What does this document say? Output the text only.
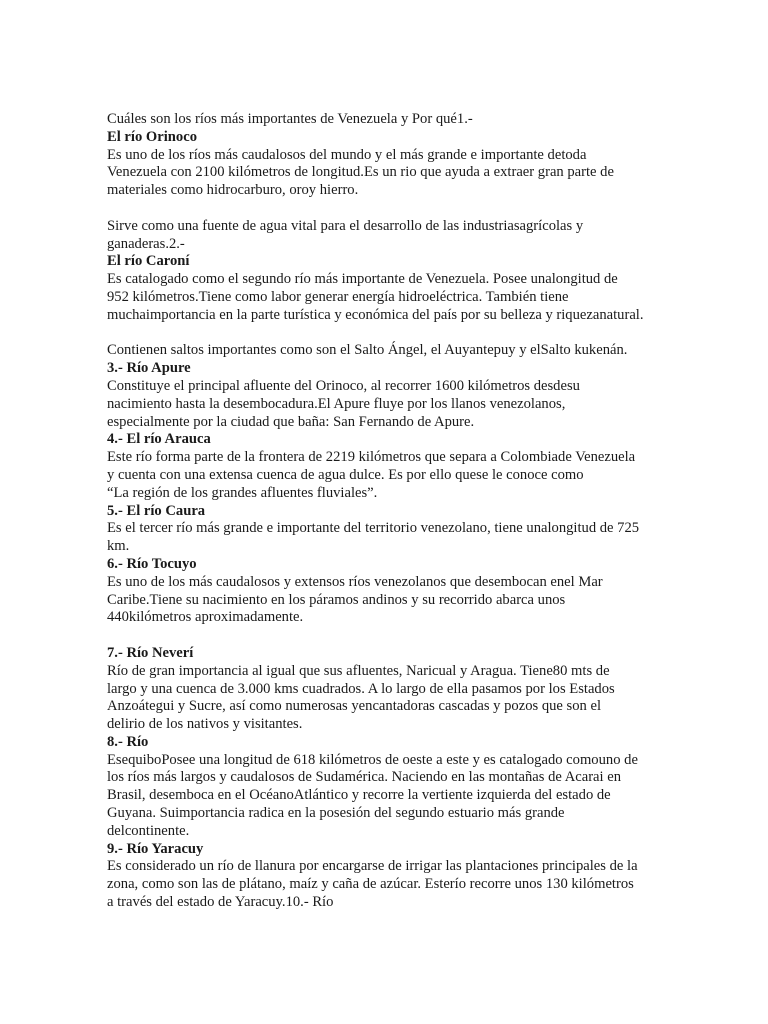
Cuáles son los ríos más importantes de Venezuela y Por qué1.-

El río Orinoco

Es uno de los ríos más caudalosos del mundo y el más grande e importante detoda

Venezuela con 2100 kilómetros de longitud.Es un rio que ayuda a extraer gran parte de

materiales como hidrocarburo, oroy hierro.

Sirve como una fuente de agua vital para el desarrollo de las industriasagrícolas y

ganaderas.2.-

El río Caroní

Es catalogado como el segundo río más importante de Venezuela. Posee unalongitud de

952 kilómetros.Tiene como labor generar energía hidroeléctrica. También tiene

muchaimportancia en la parte turística y económica del país por su belleza y riquezanatural.

Contienen saltos importantes como son el Salto Ángel, el Auyantepuy y elSalto kukenán.

3.- Río Apure

Constituye el principal afluente del Orinoco, al recorrer 1600 kilómetros desdesu

nacimiento hasta la desembocadura.El Apure fluye por los llanos venezolanos,

especialmente por la ciudad que baña: San Fernando de Apure.

4.- El río Arauca

Este río forma parte de la frontera de 2219 kilómetros que separa a Colombiade Venezuela

y cuenta con una extensa cuenca de agua dulce. Es por ello quese le conoce como

“La región de los grandes afluentes fluviales”.

5.- El río Caura

Es el tercer río más grande e importante del territorio venezolano, tiene unalongitud de 725

km.

6.- Río Tocuyo

Es uno de los más caudalosos y extensos ríos venezolanos que desembocan enel Mar

Caribe.Tiene su nacimiento en los páramos andinos y su recorrido abarca unos

440kilómetros aproximadamente.

7.- Río Neverí

Río de gran importancia al igual que sus afluentes, Naricual y Aragua. Tiene80 mts de

largo y una cuenca de 3.000 kms cuadrados. A lo largo de ella pasamos por los Estados

Anzoátegui y Sucre, así como numerosas yencantadoras cascadas y pozos que son el

delirio de los nativos y visitantes.

8.- Río

EsequiboPosee una longitud de 618 kilómetros de oeste a este y es catalogado comouno de

los ríos más largos y caudalosos de Sudamérica. Naciendo en las montañas de Acarai en

Brasil, desemboca en el OcéanoAtlántico y recorre la vertiente izquierda del estado de

Guyana. Suimportancia radica en la posesión del segundo estuario más grande

delcontinente.

9.- Río Yaracuy

Es considerado un río de llanura por encargarse de irrigar las plantaciones principales de la

zona, como son las de plátano, maíz y caña de azúcar. Esterío recorre unos 130 kilómetros

a través del estado de Yaracuy.10.- Río
